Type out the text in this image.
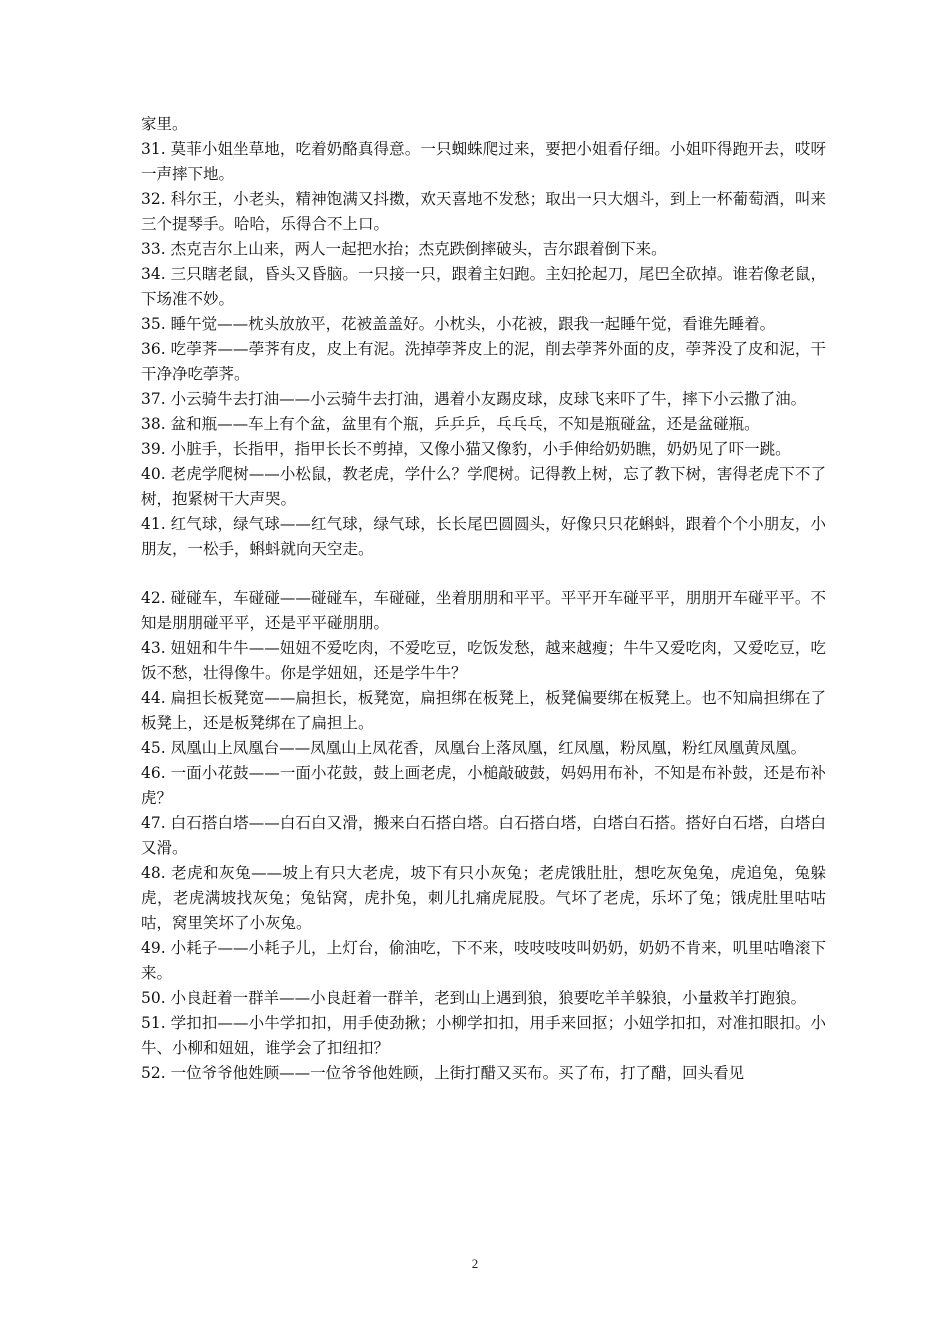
家里。

31. 莫菲小姐坐草地，吃着奶酪真得意。一只蜘蛛爬过来，要把小姐看仔细。小姐吓得跑开去，哎呀一声摔下地。

32. 科尔王，小老头，精神饱满又抖擞，欢天喜地不发愁；取出一只大烟斗，到上一杯葡萄酒，叫来三个提琴手。哈哈，乐得合不上口。

33. 杰克吉尔上山来，两人一起把水抬；杰克跌倒摔破头，吉尔跟着倒下来。

34. 三只瞎老鼠，昏头又昏脑。一只接一只，跟着主妇跑。主妇抡起刀，尾巴全砍掉。谁若像老鼠，下场准不妙。

35. 睡午觉——枕头放放平，花被盖盖好。小枕头，小花被，跟我一起睡午觉，看谁先睡着。

36. 吃荸荠——荸荠有皮，皮上有泥。洗掉荸荠皮上的泥，削去荸荠外面的皮，荸荠没了皮和泥，干干净净吃荸荠。

37. 小云骑牛去打油——小云骑牛去打油，遇着小友踢皮球，皮球飞来吓了牛，摔下小云撒了油。

38. 盆和瓶——车上有个盆，盆里有个瓶，乒乒乒，乓乓乓，不知是瓶碰盆，还是盆碰瓶。

39. 小脏手，长指甲，指甲长长不剪掉，又像小猫又像豹，小手伸给奶奶瞧，奶奶见了吓一跳。

40. 老虎学爬树——小松鼠，教老虎，学什么？学爬树。记得教上树，忘了教下树，害得老虎下不了树，抱紧树干大声哭。

41. 红气球，绿气球——红气球，绿气球，长长尾巴圆圆头，好像只只花蝌蚪，跟着个个小朋友，小朋友，一松手，蝌蚪就向天空走。

42. 碰碰车，车碰碰——碰碰车，车碰碰，坐着朋朋和平平。平平开车碰平平，朋朋开车碰平平。不知是朋朋碰平平，还是平平碰朋朋。

43. 妞妞和牛牛——妞妞不爱吃肉，不爱吃豆，吃饭发愁，越来越瘦；牛牛又爱吃肉，又爱吃豆，吃饭不愁，壮得像牛。你是学妞妞，还是学牛牛？

44. 扁担长板凳宽——扁担长，板凳宽，扁担绑在板凳上，板凳偏要绑在板凳上。也不知扁担绑在了板凳上，还是板凳绑在了扁担上。

45. 凤凰山上凤凰台——凤凰山上凤花香，凤凰台上落凤凰，红凤凰，粉凤凰，粉红凤凰黄凤凰。

46. 一面小花鼓——一面小花鼓，鼓上画老虎，小槌敲破鼓，妈妈用布补，不知是布补鼓，还是布补虎？

47. 白石搭白塔——白石白又滑，搬来白石搭白塔。白石搭白塔，白塔白石搭。搭好白石塔，白塔白又滑。

48. 老虎和灰兔——坡上有只大老虎，坡下有只小灰兔；老虎饿肚肚，想吃灰兔兔，虎追兔，兔躲虎，老虎满坡找灰兔；兔钻窝，虎扑兔，刺儿扎痛虎屁股。气坏了老虎，乐坏了兔；饿虎肚里咕咕咕，窝里笑坏了小灰兔。

49. 小耗子——小耗子儿，上灯台，偷油吃，下不来，吱吱吱吱叫奶奶，奶奶不肯来，叽里咕噜滚下来。

50. 小良赶着一群羊——小良赶着一群羊，老到山上遇到狼，狼要吃羊羊躲狼，小量救羊打跑狼。

51. 学扣扣——小牛学扣扣，用手使劲揪；小柳学扣扣，用手来回抠；小妞学扣扣，对准扣眼扣。小牛、小柳和妞妞，谁学会了扣纽扣？

52. 一位爷爷他姓顾——一位爷爷他姓顾，上街打醋又买布。买了布，打了醋，回头看见

2
